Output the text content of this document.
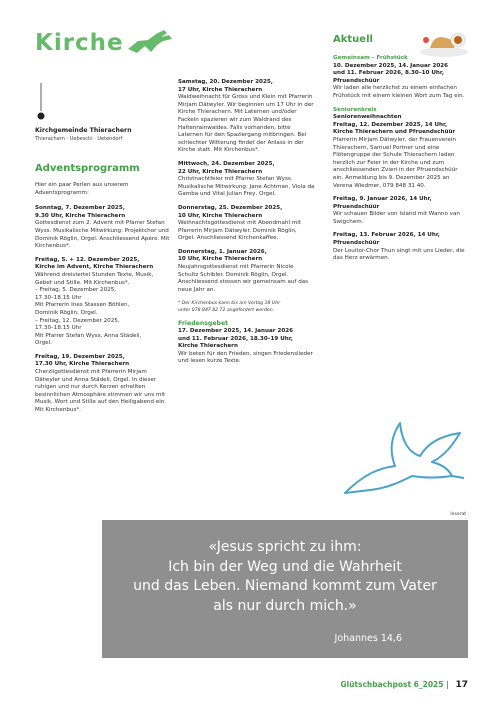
Kirche
Kirchgemeinde Thierachern
Thierachern · Uebeschi · Uetendorf
Adventsprogramm
Hier ein paar Perlen aus unserem Adventsprogramm:
Sonntag, 7. Dezember 2025,
9.30 Uhr, Kirche Thierachern
Gottesdienst zum 2. Advent mit Pfarrer Stefan Wyss. Musikalische Mitwirkung: Projektchor und Dominik Röglin, Orgel. Anschliessend Apéro. Mit Kirchenbus*.
Freitag, 5. + 12. Dezember 2025,
Kirche im Advent, Kirche Thierachern
Während dreiviertel Stunden Texte, Musik, Gebet und Stille. Mit Kirchenbus*.
– Freitag, 5. Dezember 2025,
17.30–18.15 Uhr
Mit Pfarrerin Ines Stassen Böhlen,
Dominik Röglin, Orgel.
– Freitag, 12. Dezember 2025,
17.30–18.15 Uhr
Mit Pfarrer Stefan Wyss, Anna Städeli,
Orgel.
Freitag, 19. Dezember 2025,
17.30 Uhr, Kirche Thierachern
Cherzligottesdienst mit Pfarrerin Mirjam Dätwyler und Anna Städeli, Orgel. In dieser ruhigen und nur durch Kerzen erhellten besinnlichen Atmosphäre stimmen wir uns mit Musik, Wort und Stille auf den Heiligabend ein. Mit Kirchenbus*.
Samstag, 20. Dezember 2025,
17 Uhr, Kirche Thierachern
Waldweihnacht für Gross und Klein mit Pfarrerin Mirjam Dätwyler. Wir beginnen um 17 Uhr in der Kirche Thierachern. Mit Laternen und/oder Fackeln spazieren wir zum Waldrand des Haltenrainwaldes. Falls vorhanden, bitte Laternen für den Spaziergang mitbringen. Bei schlechter Witterung findet der Anlass in der Kirche statt. Mit Kirchenbus*.
Mittwoch, 24. Dezember 2025,
22 Uhr, Kirche Thierachern
Christnachtfeier mit Pfarrer Stefan Wyss. Musikalische Mitwirkung: Jane Achtman, Viola da Gamba und Vital Julian Frey, Orgel.
Donnerstag, 25. Dezember 2025,
10 Uhr, Kirche Thierachern
Weihnachtsgottesdienst mit Abendmahl mit Pfarrerin Mirjam Dätwyler. Dominik Röglin, Orgel. Anschliessend Kirchenkaffee.
Donnerstag, 1. Januar 2026,
10 Uhr, Kirche Thierachern
Neujahrsgottesdienst mit Pfarrerin Nicole Schultz Schibler. Dominik Röglin, Orgel. Anschliessend stossen wir gemeinsam auf das neue Jahr an.
* Der Kirchenbus kann bis am Vortag 18 Uhr
unter 078 847 82 72 angefordert werden.
Friedensgebet
17. Dezember 2025, 14. Januar 2026
und 11. Februar 2026, 18.30–19 Uhr,
Kirche Thierachern
Wir beten für den Frieden, singen Friedenslieder und lesen kurze Texte.
Aktuell
Gemeinsam – Frühstück
10. Dezember 2025, 14. Januar 2026
und 11. Februar 2026, 8.30–10 Uhr,
Pfruendschüür
Wir laden alle herzlichst zu einem einfachen Frühstück mit einem kleinen Wort zum Tag ein.
Seniorenkreis
Seniorenweihnachten
Freitag, 12. Dezember 2025, 14 Uhr,
Kirche Thierachern und Pfruendschüür
Pfarrerin Mirjam Dätwyler, der Frauenverein Thierachern, Samuel Portner und eine Flötengruppe der Schule Thierachern laden herzlich zur Feier in der Kirche und zum anschliessenden Zvieri in der Pfruendschüür ein. Anmeldung bis 9. Dezember 2025 an Verena Wiedmer, 079 848 31 40.
Freitag, 9. Januar 2026, 14 Uhr,
Pfruendschüür
Wir schauen Bilder von Island mit Wanno van Swigchem.
Freitag, 13. Februar 2026, 14 Uhr,
Pfruendschüür
Der Louitor-Chor Thun singt mit uns Lieder, die das Herz erwärmen.
Inserat
«Jesus spricht zu ihm:
Ich bin der Weg und die Wahrheit
und das Leben. Niemand kommt zum Vater
als nur durch mich.»
Johannes 14,6
Glütschbachpost 6_2025 | 17
